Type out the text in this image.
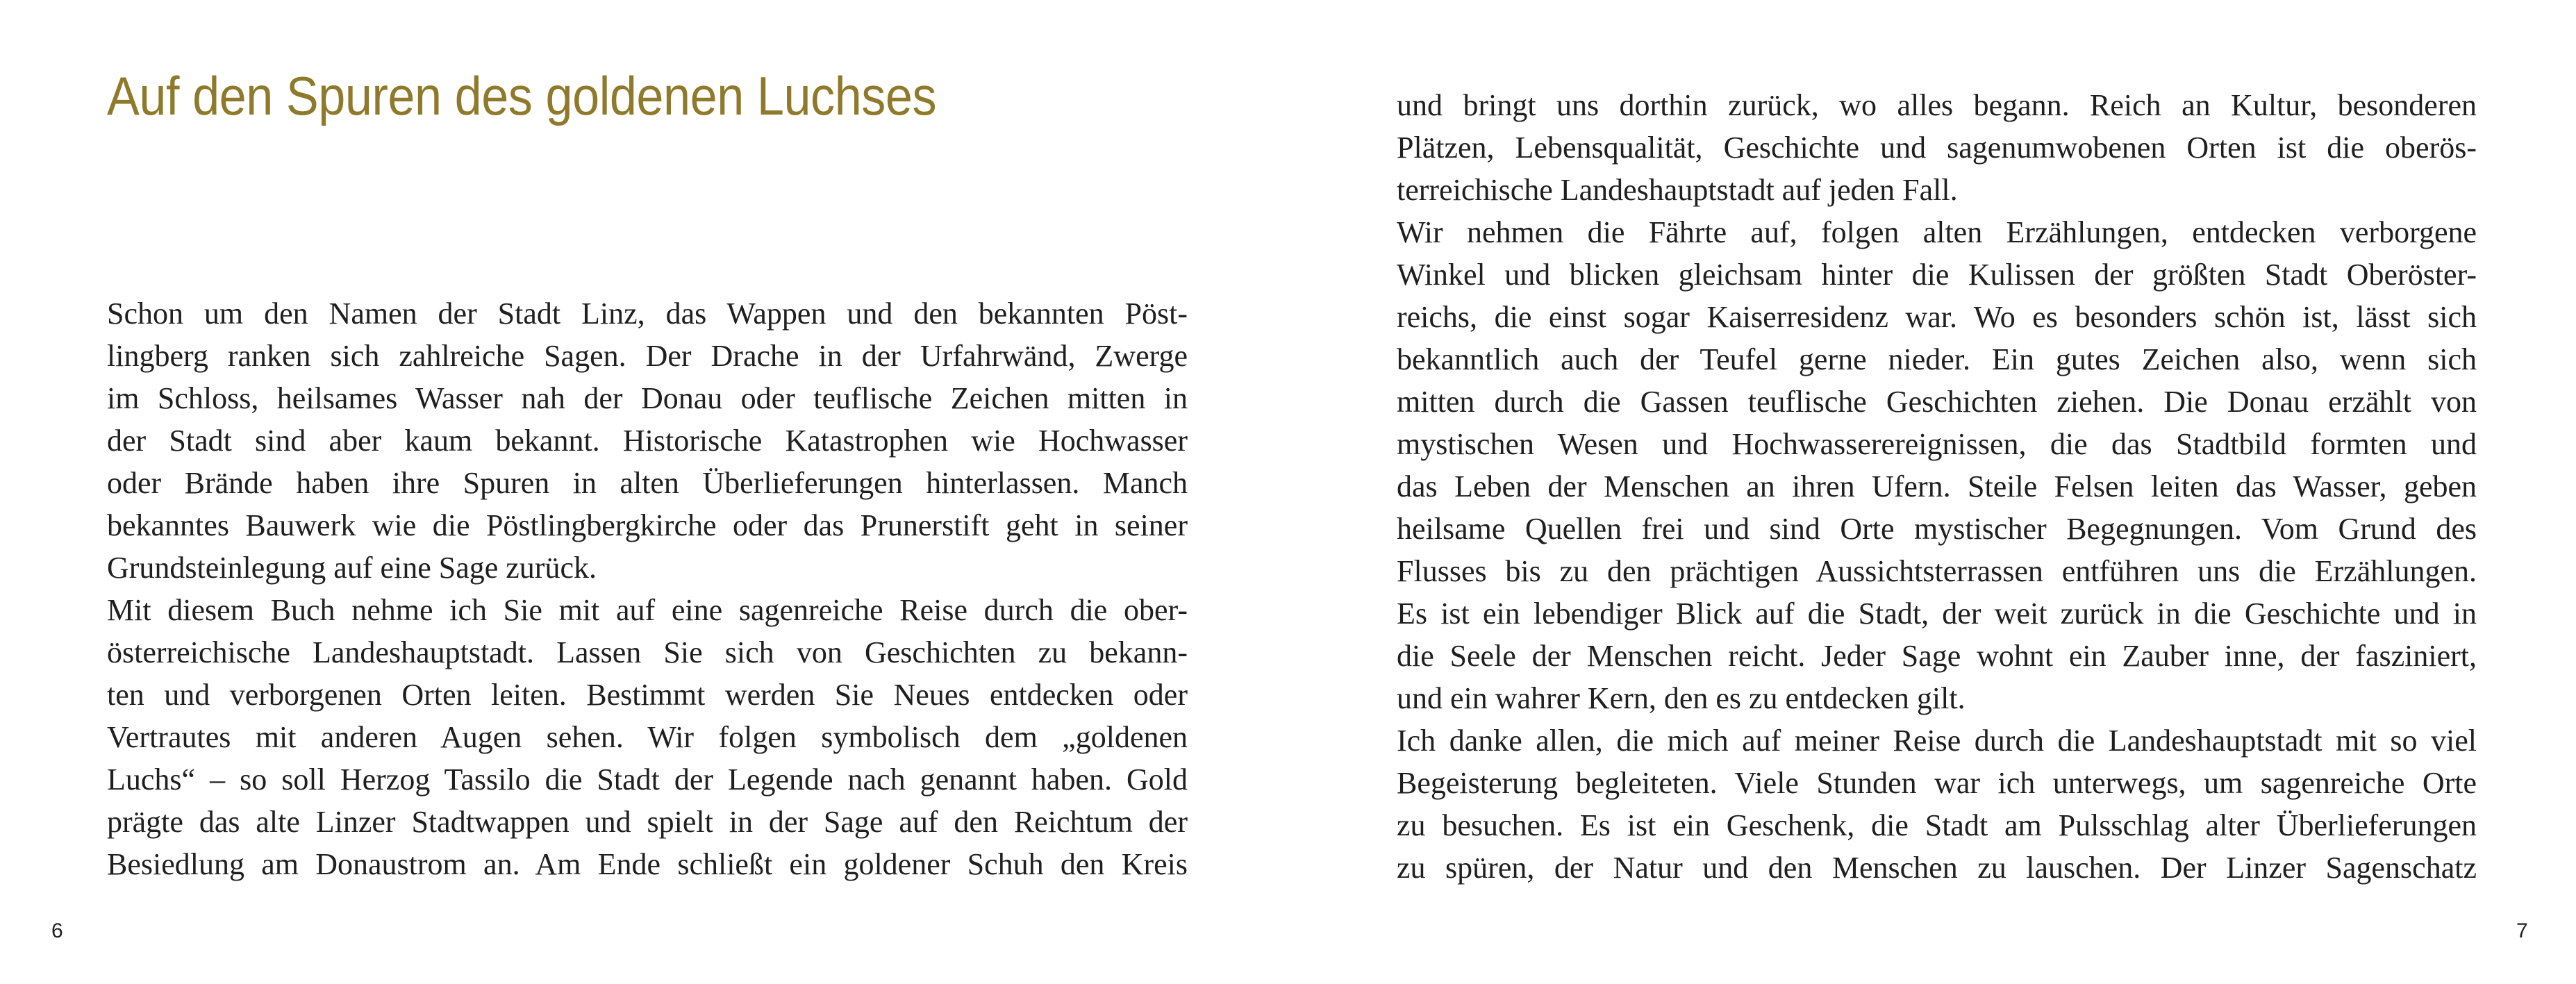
Auf den Spuren des goldenen Luchses
Schon um den Namen der Stadt Linz, das Wappen und den bekannten Pöst-
lingberg ranken sich zahlreiche Sagen. Der Drache in der Urfahrwänd, Zwerge
im Schloss, heilsames Wasser nah der Donau oder teuflische Zeichen mitten in
der Stadt sind aber kaum bekannt. Historische Katastrophen wie Hochwasser
oder Brände haben ihre Spuren in alten Überlieferungen hinterlassen. Manch
bekanntes Bauwerk wie die Pöstlingbergkirche oder das Prunerstift geht in seiner
Grundsteinlegung auf eine Sage zurück.
Mit diesem Buch nehme ich Sie mit auf eine sagenreiche Reise durch die ober-
österreichische Landeshauptstadt. Lassen Sie sich von Geschichten zu bekann-
ten und verborgenen Orten leiten. Bestimmt werden Sie Neues entdecken oder
Vertrautes mit anderen Augen sehen. Wir folgen symbolisch dem „goldenen
Luchs“ – so soll Herzog Tassilo die Stadt der Legende nach genannt haben. Gold
prägte das alte Linzer Stadtwappen und spielt in der Sage auf den Reichtum der
Besiedlung am Donaustrom an. Am Ende schließt ein goldener Schuh den Kreis
6
und bringt uns dorthin zurück, wo alles begann. Reich an Kultur, besonderen
Plätzen, Lebensqualität, Geschichte und sagenumwobenen Orten ist die oberös-
terreichische Landeshauptstadt auf jeden Fall.
Wir nehmen die Fährte auf, folgen alten Erzählungen, entdecken verborgene
Winkel und blicken gleichsam hinter die Kulissen der größten Stadt Oberöster-
reichs, die einst sogar Kaiserresidenz war. Wo es besonders schön ist, lässt sich
bekanntlich auch der Teufel gerne nieder. Ein gutes Zeichen also, wenn sich
mitten durch die Gassen teuflische Geschichten ziehen. Die Donau erzählt von
mystischen Wesen und Hochwasserereignissen, die das Stadtbild formten und
das Leben der Menschen an ihren Ufern. Steile Felsen leiten das Wasser, geben
heilsame Quellen frei und sind Orte mystischer Begegnungen. Vom Grund des
Flusses bis zu den prächtigen Aussichtsterrassen entführen uns die Erzählungen.
Es ist ein lebendiger Blick auf die Stadt, der weit zurück in die Geschichte und in
die Seele der Menschen reicht. Jeder Sage wohnt ein Zauber inne, der fasziniert,
und ein wahrer Kern, den es zu entdecken gilt.
Ich danke allen, die mich auf meiner Reise durch die Landeshauptstadt mit so viel
Begeisterung begleiteten. Viele Stunden war ich unterwegs, um sagenreiche Orte
zu besuchen. Es ist ein Geschenk, die Stadt am Pulsschlag alter Überlieferungen
zu spüren, der Natur und den Menschen zu lauschen. Der Linzer Sagenschatz
7
